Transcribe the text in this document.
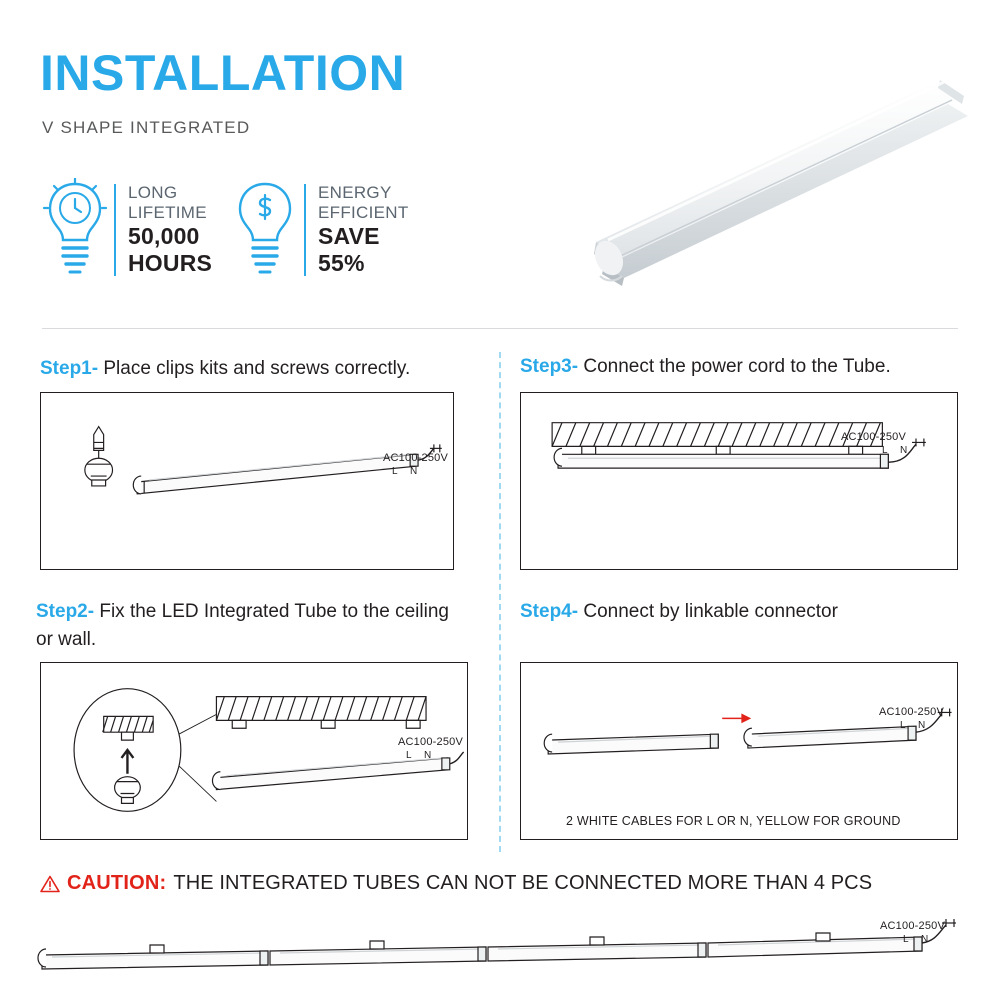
INSTALLATION
V SHAPE INTEGRATED
LONG
LIFETIME
50,000
HOURS
ENERGY
EFFICIENT
SAVE
55%
Step1- Place clips kits and screws correctly.
AC100-250V
L N
Step2- Fix the LED Integrated Tube to the ceiling or wall.
AC100-250V
L N
Step3- Connect the power cord to the Tube.
AC100-250V
L N
Step4- Connect by linkable connector
AC100-250V
L N
2 WHITE CABLES FOR L OR N, YELLOW FOR GROUND
CAUTION: THE INTEGRATED TUBES CAN NOT BE CONNECTED MORE THAN 4 PCS
AC100-250V
L N
